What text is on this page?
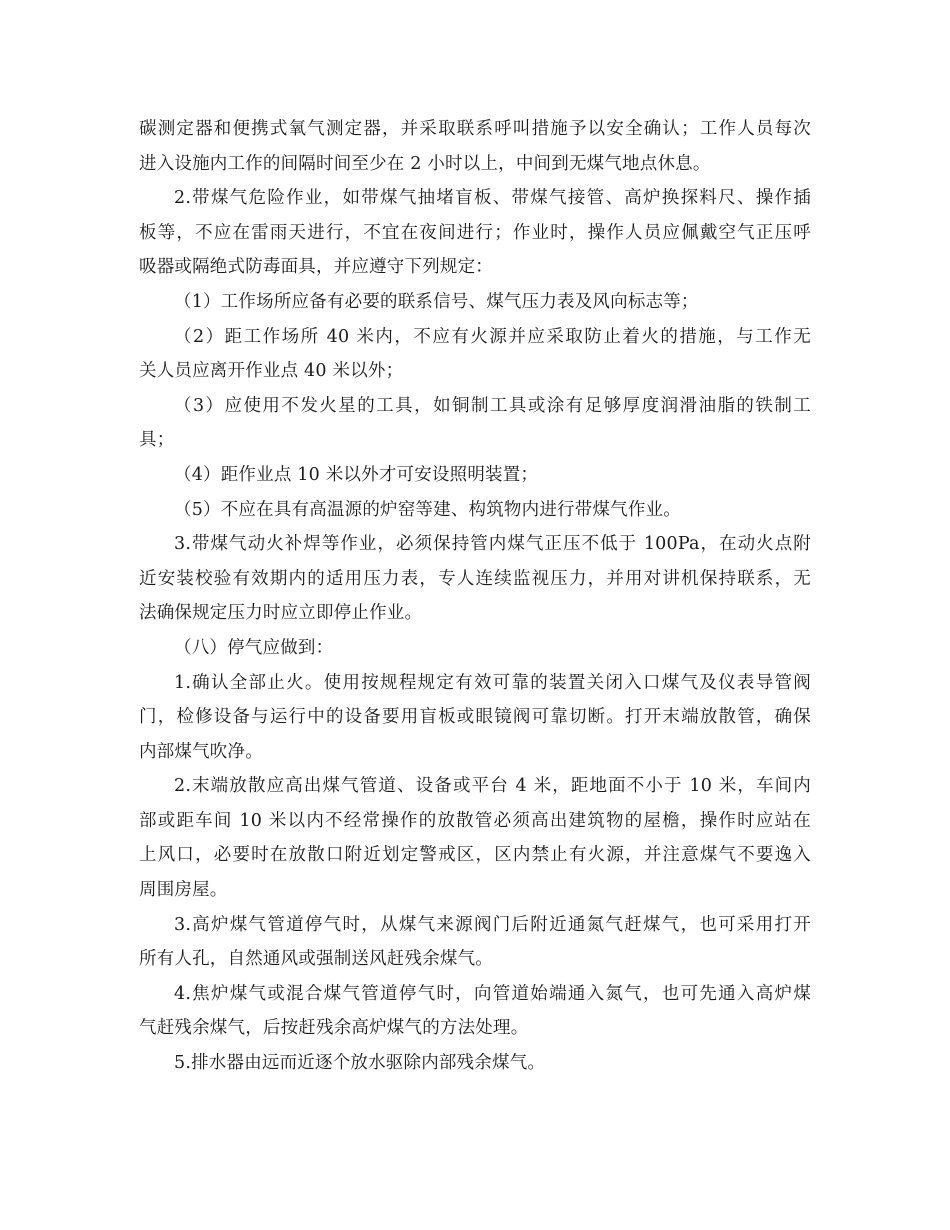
碳测定器和便携式氧气测定器，并采取联系呼叫措施予以安全确认；工作人员每次
进入设施内工作的间隔时间至少在 2 小时以上，中间到无煤气地点休息。
2.带煤气危险作业，如带煤气抽堵盲板、带煤气接管、高炉换探料尺、操作插
板等，不应在雷雨天进行，不宜在夜间进行；作业时，操作人员应佩戴空气正压呼
吸器或隔绝式防毒面具，并应遵守下列规定：
（1）工作场所应备有必要的联系信号、煤气压力表及风向标志等；
（2）距工作场所 40 米内，不应有火源并应采取防止着火的措施，与工作无
关人员应离开作业点 40 米以外；
（3）应使用不发火星的工具，如铜制工具或涂有足够厚度润滑油脂的铁制工
具；
（4）距作业点 10 米以外才可安设照明装置；
（5）不应在具有高温源的炉窑等建、构筑物内进行带煤气作业。
3.带煤气动火补焊等作业，必须保持管内煤气正压不低于 100Pa，在动火点附
近安装校验有效期内的适用压力表，专人连续监视压力，并用对讲机保持联系，无
法确保规定压力时应立即停止作业。
（八）停气应做到：
1.确认全部止火。使用按规程规定有效可靠的装置关闭入口煤气及仪表导管阀
门，检修设备与运行中的设备要用盲板或眼镜阀可靠切断。打开末端放散管，确保
内部煤气吹净。
2.末端放散应高出煤气管道、设备或平台 4 米，距地面不小于 10 米，车间内
部或距车间 10 米以内不经常操作的放散管必须高出建筑物的屋檐，操作时应站在
上风口，必要时在放散口附近划定警戒区，区内禁止有火源，并注意煤气不要逸入
周围房屋。
3.高炉煤气管道停气时，从煤气来源阀门后附近通氮气赶煤气，也可采用打开
所有人孔，自然通风或强制送风赶残余煤气。
4.焦炉煤气或混合煤气管道停气时，向管道始端通入氮气，也可先通入高炉煤
气赶残余煤气，后按赶残余高炉煤气的方法处理。
5.排水器由远而近逐个放水驱除内部残余煤气。
